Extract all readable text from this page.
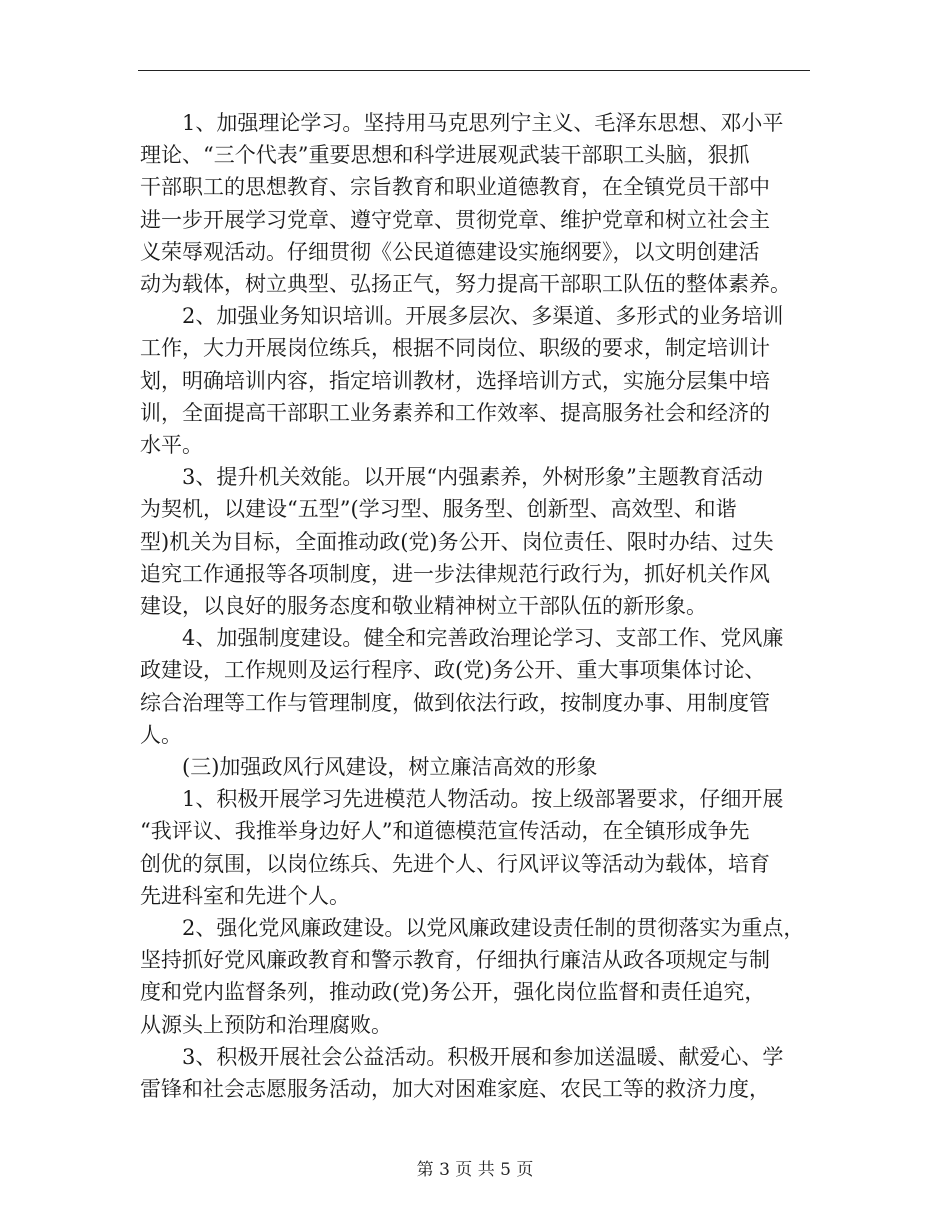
1、加强理论学习。坚持用马克思列宁主义、毛泽东思想、邓小平
理论、“三个代表”重要思想和科学进展观武装干部职工头脑，狠抓
干部职工的思想教育、宗旨教育和职业道德教育，在全镇党员干部中
进一步开展学习党章、遵守党章、贯彻党章、维护党章和树立社会主
义荣辱观活动。仔细贯彻《公民道德建设实施纲要》，以文明创建活
动为载体，树立典型、弘扬正气，努力提高干部职工队伍的整体素养。

2、加强业务知识培训。开展多层次、多渠道、多形式的业务培训
工作，大力开展岗位练兵，根据不同岗位、职级的要求，制定培训计
划，明确培训内容，指定培训教材，选择培训方式，实施分层集中培
训，全面提高干部职工业务素养和工作效率、提高服务社会和经济的
水平。

3、提升机关效能。以开展“内强素养，外树形象”主题教育活动
为契机，以建设“五型”(学习型、服务型、创新型、高效型、和谐
型)机关为目标，全面推动政(党)务公开、岗位责任、限时办结、过失
追究工作通报等各项制度，进一步法律规范行政行为，抓好机关作风
建设，以良好的服务态度和敬业精神树立干部队伍的新形象。

4、加强制度建设。健全和完善政治理论学习、支部工作、党风廉
政建设，工作规则及运行程序、政(党)务公开、重大事项集体讨论、
综合治理等工作与管理制度，做到依法行政，按制度办事、用制度管
人。

(三)加强政风行风建设，树立廉洁高效的形象

1、积极开展学习先进模范人物活动。按上级部署要求，仔细开展
“我评议、我推举身边好人”和道德模范宣传活动，在全镇形成争先
创优的氛围，以岗位练兵、先进个人、行风评议等活动为载体，培育
先进科室和先进个人。

2、强化党风廉政建设。以党风廉政建设责任制的贯彻落实为重点，
坚持抓好党风廉政教育和警示教育，仔细执行廉洁从政各项规定与制
度和党内监督条列，推动政(党)务公开，强化岗位监督和责任追究，
从源头上预防和治理腐败。

3、积极开展社会公益活动。积极开展和参加送温暖、献爱心、学
雷锋和社会志愿服务活动，加大对困难家庭、农民工等的救济力度，

第 3 页 共 5 页
